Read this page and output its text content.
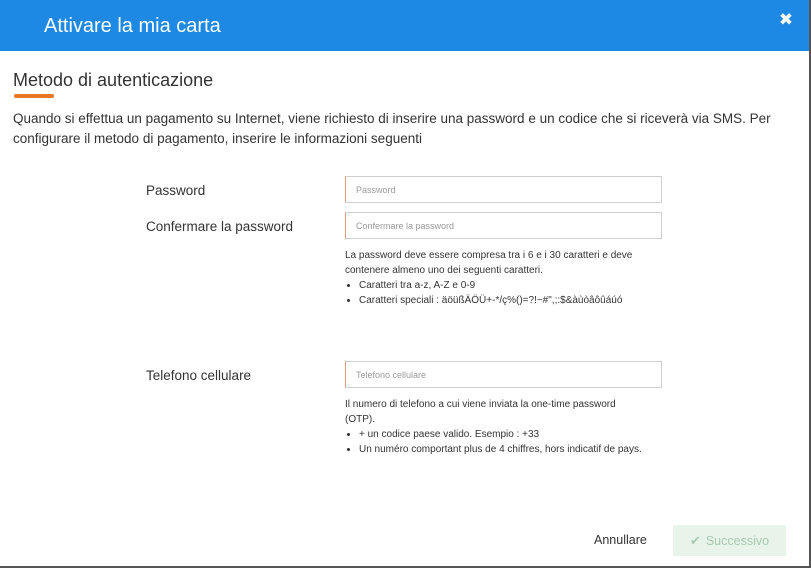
Attivare la mia carta	✖
Metodo di autenticazione
Quando si effettua un pagamento su Internet, viene richiesto di inserire una password e un codice che si riceverà via SMS. Per configurare il metodo di pagamento, inserire le informazioni seguenti
Password
Confermare la password
La password deve essere compresa tra i 6 e i 30 caratteri e deve contenere almeno uno dei seguenti caratteri.
• Caratteri tra a-z, A-Z e 0-9
• Caratteri speciali : äöüßÄÖÜ+-*/ç%()=?!~#",;:$&àùòâôûáúó
Telefono cellulare
Telefono cellulare
Il numero di telefono a cui viene inviata la one-time password (OTP).
• + un codice paese valido. Esempio : +33
• Un numéro comportant plus de 4 chiffres, hors indicatif de pays.
Annullare	✔ Successivo
